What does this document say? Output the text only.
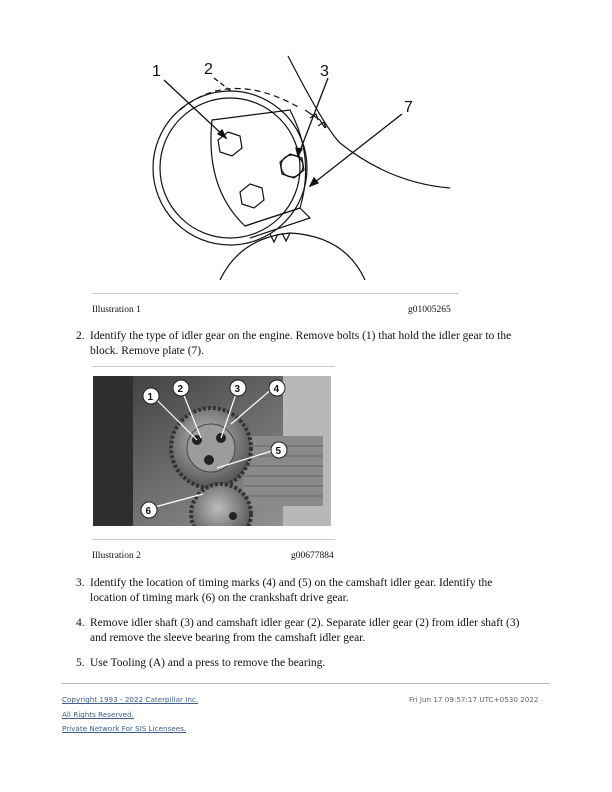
1	2	3
7
Illustration 1	g01005265
2. Identify the type of idler gear on the engine. Remove bolts (1) that hold the idler gear to the
block. Remove plate (7).
1
2	3	4
5
6
Illustration 2	g00677884
3. Identify the location of timing marks (4) and (5) on the camshaft idler gear. Identify the
location of timing mark (6) on the crankshaft drive gear.
4. Remove idler shaft (3) and camshaft idler gear (2). Separate idler gear (2) from idler shaft (3)
and remove the sleeve bearing from the camshaft idler gear.
5. Use Tooling (A) and a press to remove the bearing.
Copyright 1993 - 2022 Caterpillar Inc.
All Rights Reserved.
Private Network For SIS Licensees.
Fri Jun 17 09:57:17 UTC+0530 2022
